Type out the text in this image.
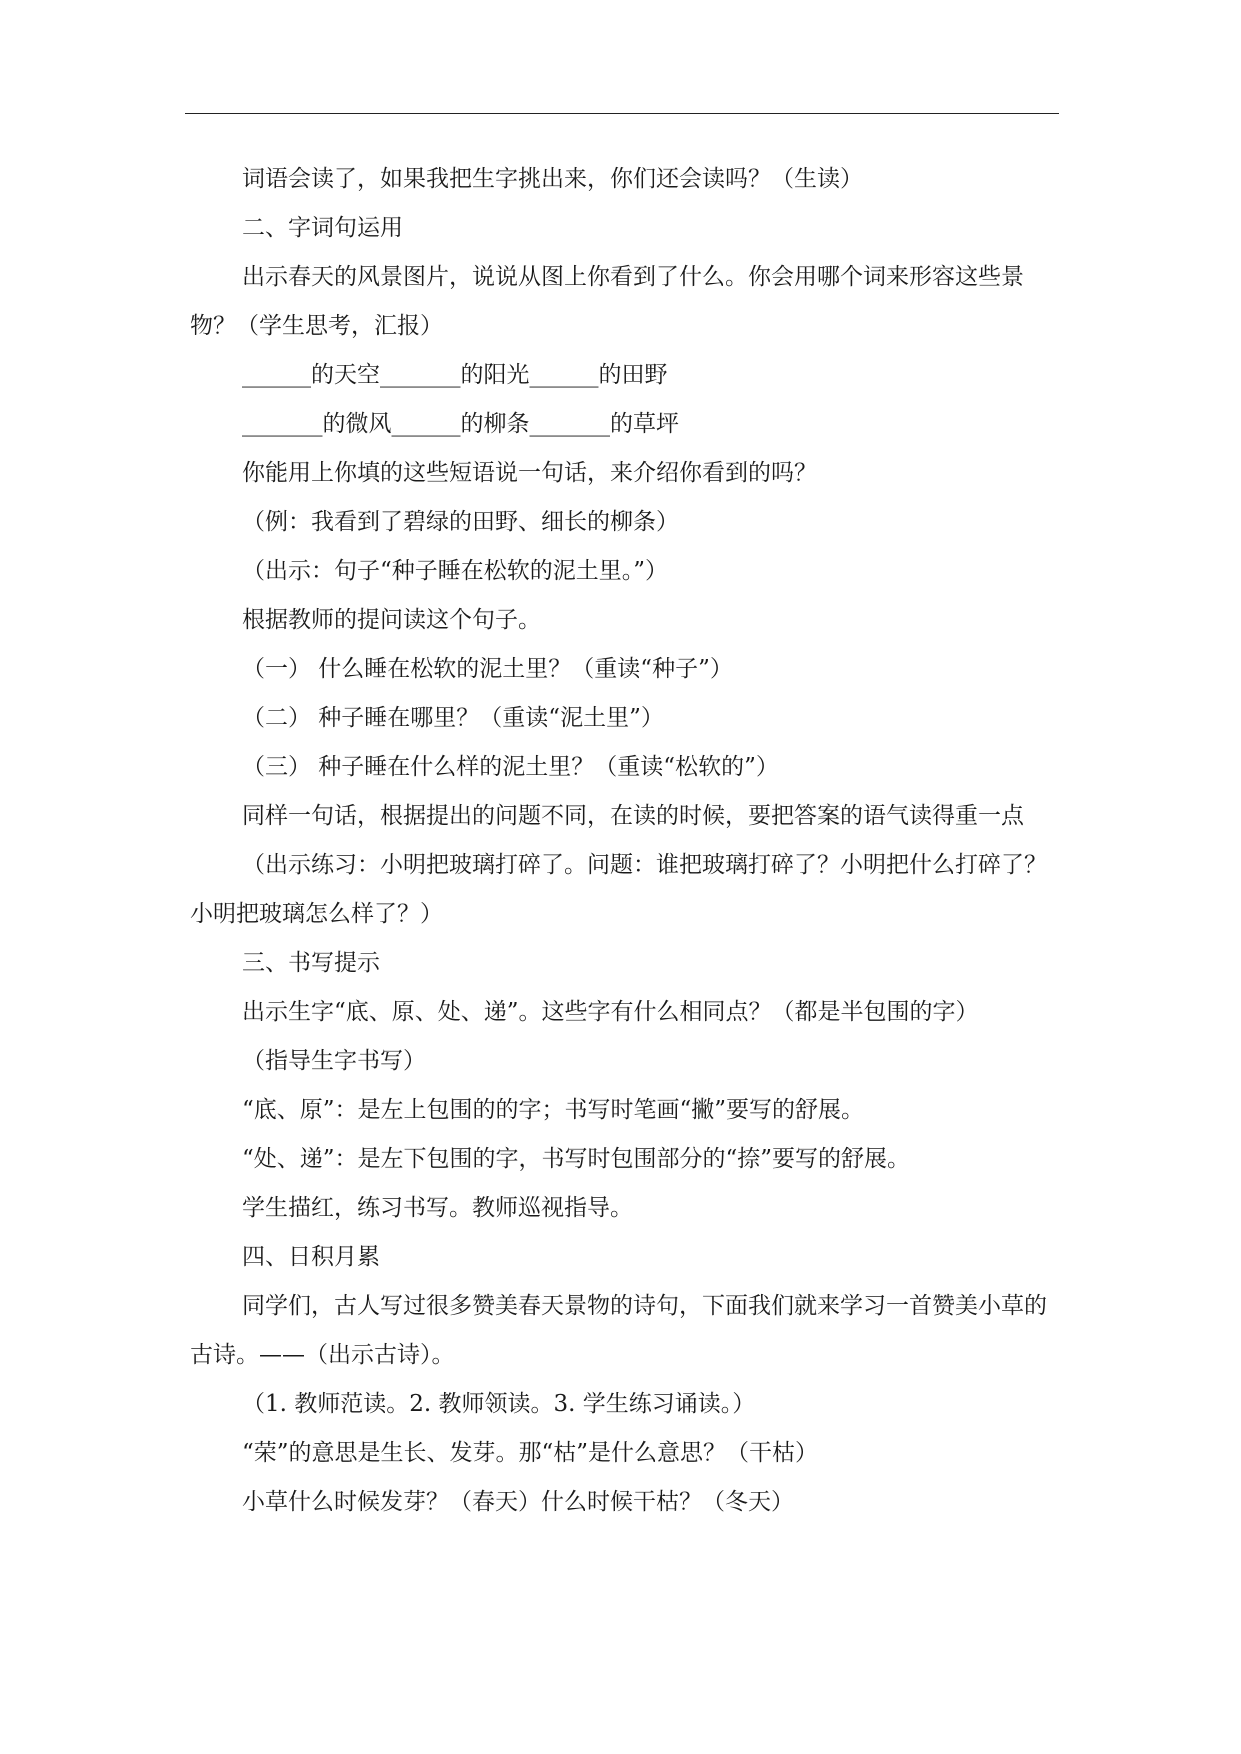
词语会读了，如果我把生字挑出来，你们还会读吗？（生读）

二、字词句运用

出示春天的风景图片，说说从图上你看到了什么。你会用哪个词来形容这些景物？（学生思考，汇报）

______的天空_______的阳光______的田野

_______的微风______的柳条_______的草坪

你能用上你填的这些短语说一句话，来介绍你看到的吗？

（例：我看到了碧绿的田野、细长的柳条）

（出示：句子“种子睡在松软的泥土里。”）

根据教师的提问读这个句子。

（一） 什么睡在松软的泥土里？（重读“种子”）

（二） 种子睡在哪里？（重读“泥土里”）

（三） 种子睡在什么样的泥土里？（重读“松软的”）

同样一句话，根据提出的问题不同，在读的时候，要把答案的语气读得重一点

（出示练习：小明把玻璃打碎了。问题：谁把玻璃打碎了？小明把什么打碎了？小明把玻璃怎么样了？）

三、书写提示

出示生字“底、原、处、递”。这些字有什么相同点？（都是半包围的字）

（指导生字书写）

“底、原”：是左上包围的的字；书写时笔画“撇”要写的舒展。

“处、递”：是左下包围的字，书写时包围部分的“捺”要写的舒展。

学生描红，练习书写。教师巡视指导。

四、日积月累

同学们，古人写过很多赞美春天景物的诗句，下面我们就来学习一首赞美小草的古诗。——（出示古诗）。

（1. 教师范读。2. 教师领读。3. 学生练习诵读。）

“荣”的意思是生长、发芽。那“枯”是什么意思？（干枯）

小草什么时候发芽？（春天）什么时候干枯？（冬天）
